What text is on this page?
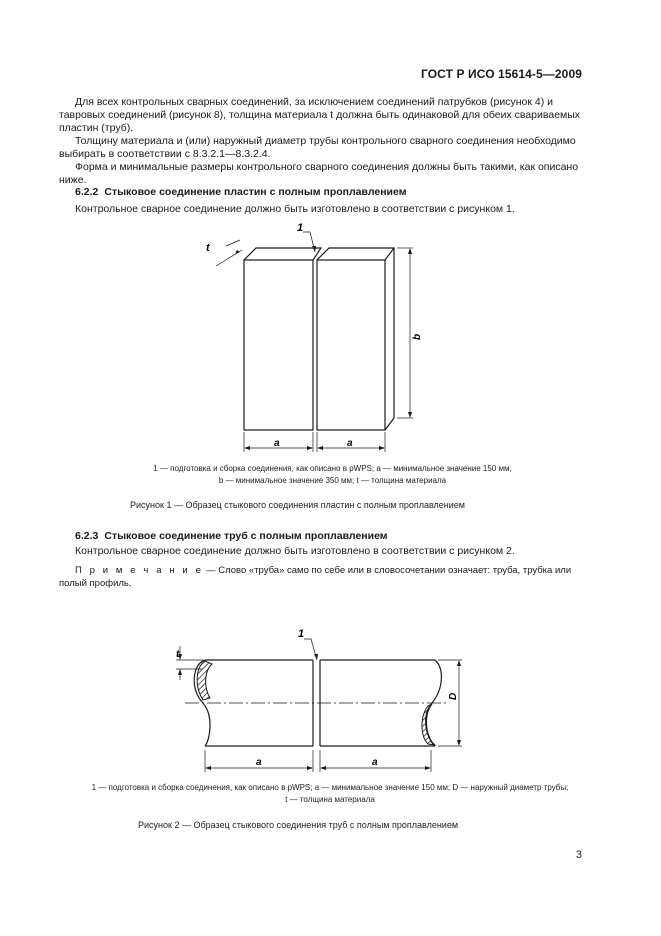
ГОСТ Р ИСО 15614-5—2009

Для всех контрольных сварных соединений, за исключением соединений патрубков (рисунок 4) и тавровых соединений (рисунок 8), толщина материала t должна быть одинаковой для обеих свариваемых пластин (труб).

Толщину материала и (или) наружный диаметр трубы контрольного сварного соединения необходимо выбирать в соответствии с 8.3.2.1—8.3.2.4.

Форма и минимальные размеры контрольного сварного соединения должны быть такими, как описано ниже.

6.2.2 Стыковое соединение пластин с полным проплавлением
Контрольное сварное соединение должно быть изготовлено в соответствии с рисунком 1.
t
1
a	a
b
1 — подготовка и сборка соединения, как описано в pWPS; a — минимальное значение 150 мм,
b — минимальное значение 350 мм; t — толщина материала
Рисунок 1 — Образец стыкового соединения пластин с полным проплавлением
6.2.3 Стыковое соединение труб с полным проплавлением
Контрольное сварное соединение должно быть изготовлено в соответствии с рисунком 2.
П р и м е ч а н и е — Слово «труба» само по себе или в словосочетании означает: труба, трубка или полый профиль.
t
1
a	a
D
1 — подготовка и сборка соединения, как описано в pWPS; a — минимальное значение 150 мм; D — наружный диаметр трубы;
t — толщина материала
Рисунок 2 — Образец стыкового соединения труб с полным проплавлением
3
